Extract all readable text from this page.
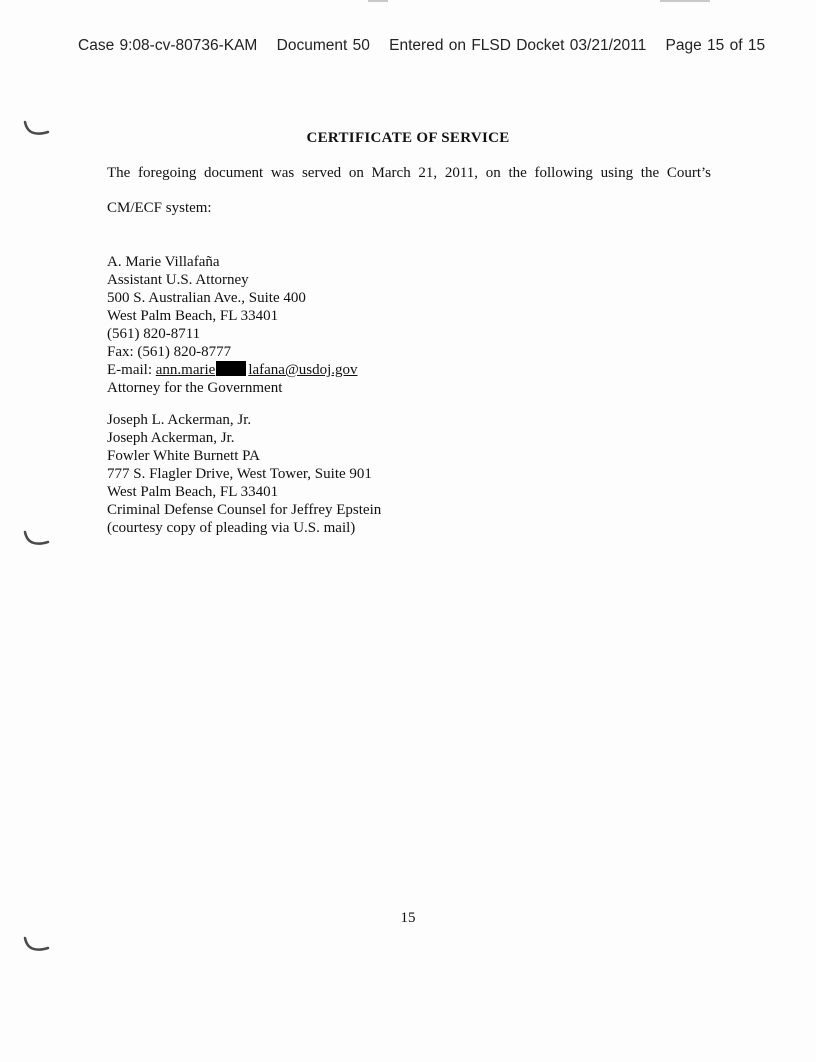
Case 9:08-cv-80736-KAM Document 50 Entered on FLSD Docket 03/21/2011 Page 15 of 15
CERTIFICATE OF SERVICE
The foregoing document was served on March 21, 2011, on the following using the Court’s
CM/ECF system:
A. Marie Villafaña
Assistant U.S. Attorney
500 S. Australian Ave., Suite 400
West Palm Beach, FL 33401
(561) 820-8711
Fax: (561) 820-8777
E-mail: ann.marie lafana@usdoj.gov
Attorney for the Government
Joseph L. Ackerman, Jr.
Joseph Ackerman, Jr.
Fowler White Burnett PA
777 S. Flagler Drive, West Tower, Suite 901
West Palm Beach, FL 33401
Criminal Defense Counsel for Jeffrey Epstein
(courtesy copy of pleading via U.S. mail)
15
